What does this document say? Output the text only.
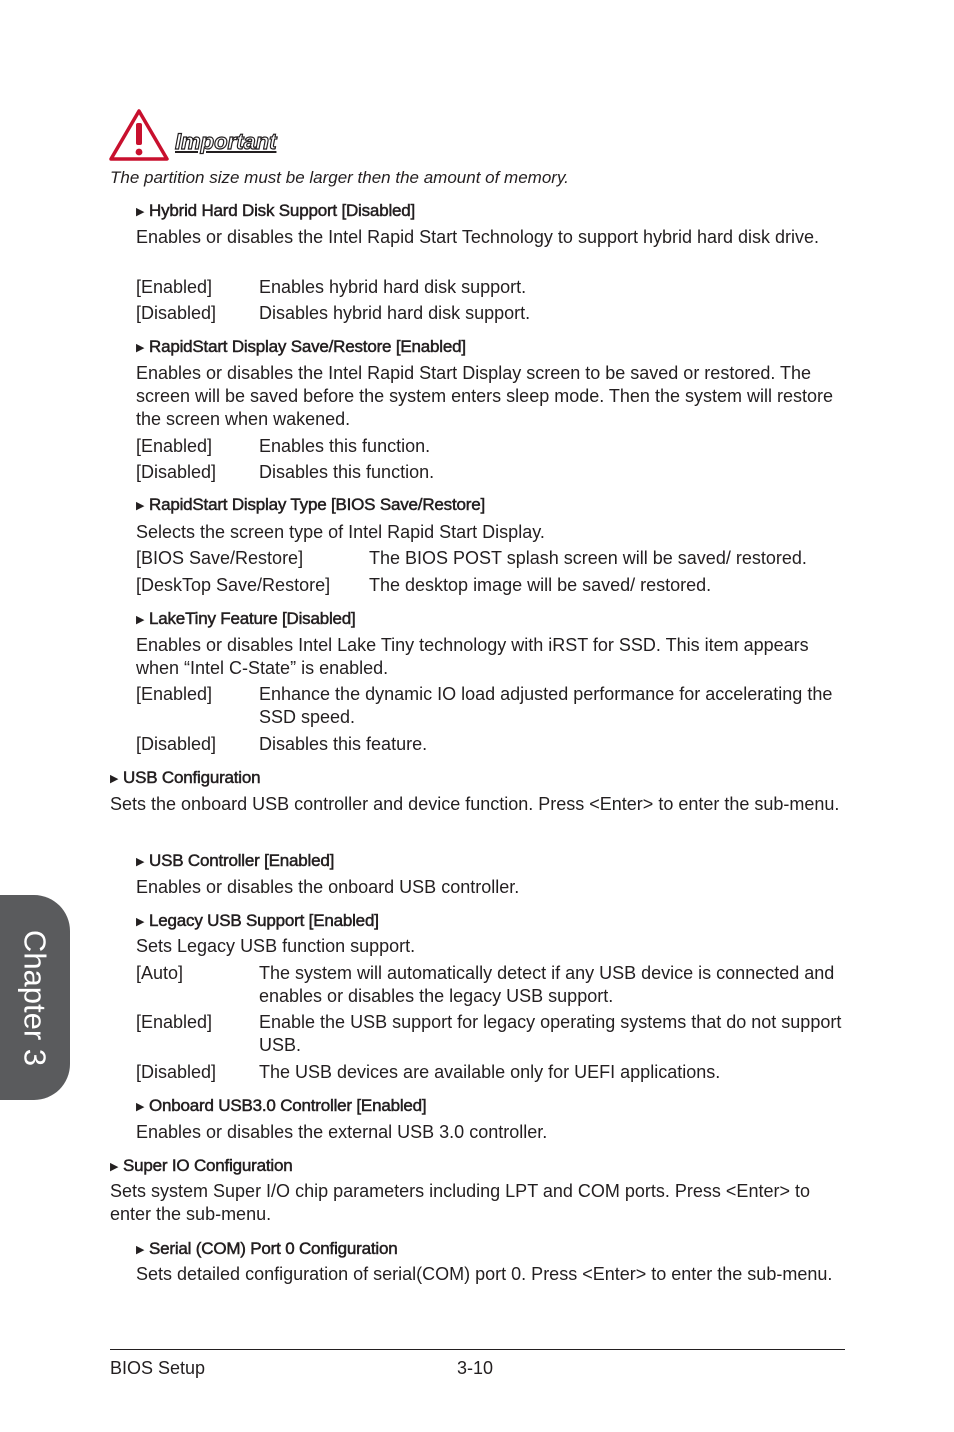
Important
The partition size must be larger then the amount of memory.
▶ Hybrid Hard Disk Support [Disabled]
Enables or disables the Intel Rapid Start Technology to support hybrid hard disk drive.
[Enabled]	Enables hybrid hard disk support.
[Disabled] Disables hybrid hard disk support.
▶ RapidStart Display Save/Restore [Enabled]
Enables or disables the Intel Rapid Start Display screen to be saved or restored. The screen will be saved before the system enters sleep mode. Then the system will restore the screen when wakened.
[Enabled]	Enables this function.
[Disabled] Disables this function.
▶ RapidStart Display Type [BIOS Save/Restore]
Selects the screen type of Intel Rapid Start Display.
[BIOS Save/Restore]	The BIOS POST splash screen will be saved/ restored.
[DeskTop Save/Restore] The desktop image will be saved/ restored.
▶ LakeTiny Feature [Disabled]
Enables or disables Intel Lake Tiny technology with iRST for SSD. This item appears when “Intel C-State” is enabled.
[Enabled]	Enhance the dynamic IO load adjusted performance for accelerating the SSD speed.
[Disabled] Disables this feature.
▶ USB Configuration
Sets the onboard USB controller and device function. Press <Enter> to enter the sub-menu.
▶ USB Controller [Enabled]
Enables or disables the onboard USB controller.
▶ Legacy USB Support [Enabled]
Sets Legacy USB function support.
[Auto]	The system will automatically detect if any USB device is connected and enables or disables the legacy USB support.
[Enabled]	Enable the USB support for legacy operating systems that do not support USB.
[Disabled] The USB devices are available only for UEFI applications.
▶ Onboard USB3.0 Controller [Enabled]
Enables or disables the external USB 3.0 controller.
▶ Super IO Configuration
Sets system Super I/O chip parameters including LPT and COM ports. Press <Enter> to enter the sub-menu.
▶ Serial (COM) Port 0 Configuration
Sets detailed configuration of serial(COM) port 0. Press <Enter> to enter the sub-menu.
Chapter 3
BIOS Setup	3-10
